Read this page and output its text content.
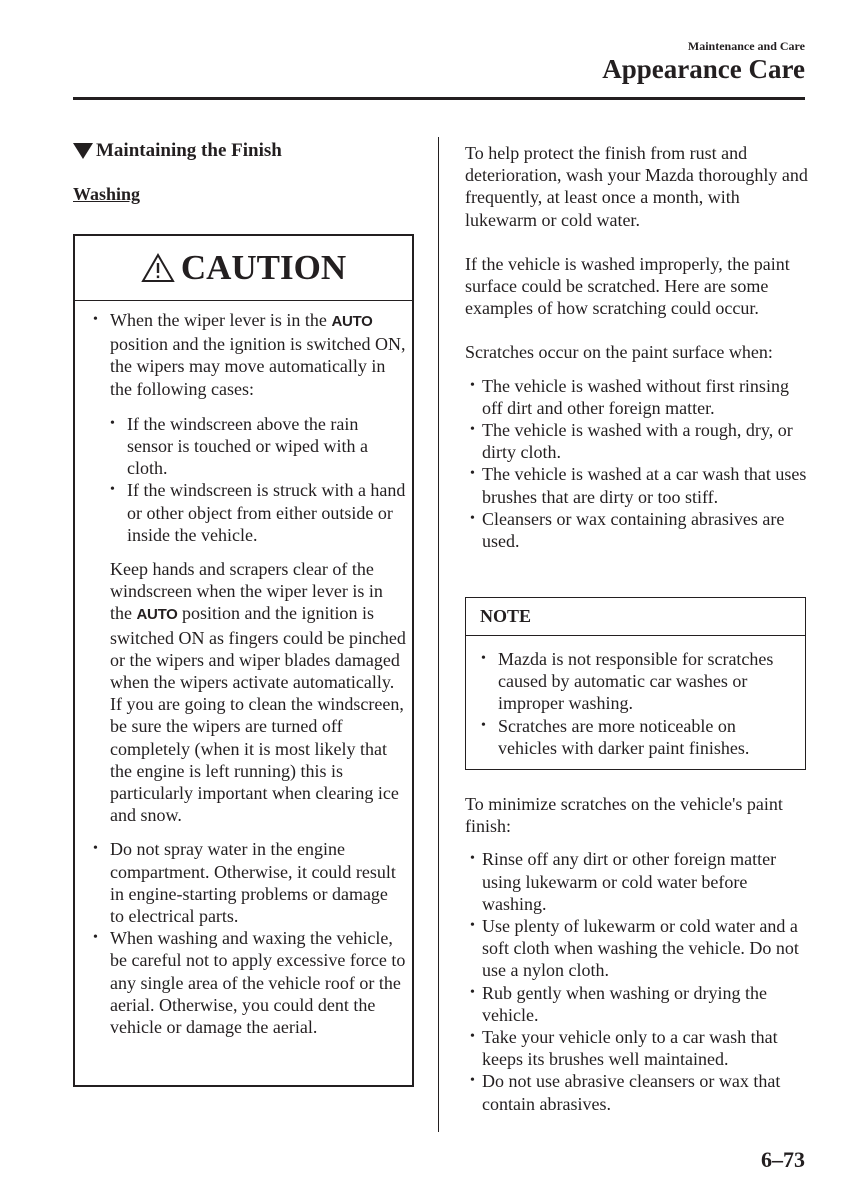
Maintenance and Care
Appearance Care
Maintaining the Finish
Washing
CAUTION
• When the wiper lever is in the AUTO position and the ignition is switched ON, the wipers may move automatically in the following cases:
• If the windscreen above the rain sensor is touched or wiped with a cloth.
• If the windscreen is struck with a hand or other object from either outside or inside the vehicle.
Keep hands and scrapers clear of the windscreen when the wiper lever is in the AUTO position and the ignition is switched ON as fingers could be pinched or the wipers and wiper blades damaged when the wipers activate automatically.
If you are going to clean the windscreen, be sure the wipers are turned off completely (when it is most likely that the engine is left running) this is particularly important when clearing ice and snow.
• Do not spray water in the engine compartment. Otherwise, it could result in engine-starting problems or damage to electrical parts.
• When washing and waxing the vehicle, be careful not to apply excessive force to any single area of the vehicle roof or the aerial. Otherwise, you could dent the vehicle or damage the aerial.

To help protect the finish from rust and deterioration, wash your Mazda thoroughly and frequently, at least once a month, with lukewarm or cold water.

If the vehicle is washed improperly, the paint surface could be scratched. Here are some examples of how scratching could occur.

Scratches occur on the paint surface when:

• The vehicle is washed without first rinsing off dirt and other foreign matter.
• The vehicle is washed with a rough, dry, or dirty cloth.
• The vehicle is washed at a car wash that uses brushes that are dirty or too stiff.
• Cleansers or wax containing abrasives are used.
NOTE
• Mazda is not responsible for scratches caused by automatic car washes or improper washing.
• Scratches are more noticeable on vehicles with darker paint finishes.

To minimize scratches on the vehicle's paint finish:

• Rinse off any dirt or other foreign matter using lukewarm or cold water before washing.
• Use plenty of lukewarm or cold water and a soft cloth when washing the vehicle. Do not use a nylon cloth.
• Rub gently when washing or drying the vehicle.
• Take your vehicle only to a car wash that keeps its brushes well maintained.
• Do not use abrasive cleansers or wax that contain abrasives.
6–73
